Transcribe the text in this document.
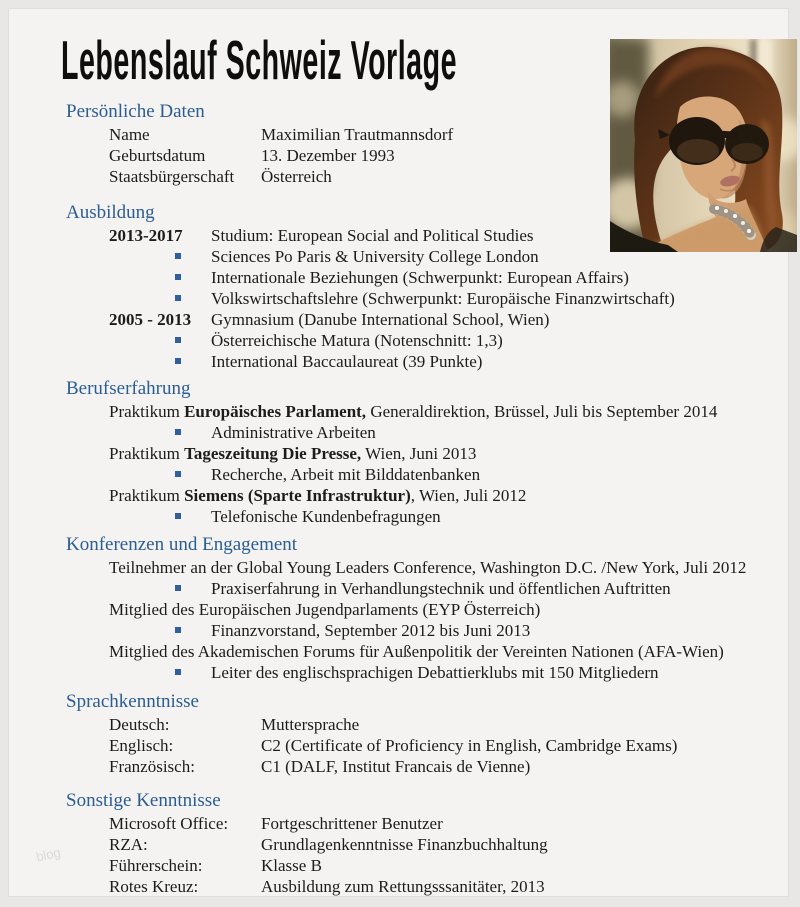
Lebenslauf Schweiz Vorlage
Persönliche Daten
Name	Maximilian Trautmannsdorf
Geburtsdatum	13. Dezember 1993
Staatsbürgerschaft	Österreich
Ausbildung
2013-2017	Studium: European Social and Political Studies
Sciences Po Paris & University College London
Internationale Beziehungen (Schwerpunkt: European Affairs)
Volkswirtschaftslehre (Schwerpunkt: Europäische Finanzwirtschaft)
2005 - 2013	Gymnasium (Danube International School, Wien)
Österreichische Matura (Notenschnitt: 1,3)
International Baccaulaureat (39 Punkte)
Berufserfahrung
Praktikum Europäisches Parlament, Generaldirektion, Brüssel, Juli bis September 2014
Administrative Arbeiten
Praktikum Tageszeitung Die Presse, Wien, Juni 2013
Recherche, Arbeit mit Bilddatenbanken
Praktikum Siemens (Sparte Infrastruktur), Wien, Juli 2012
Telefonische Kundenbefragungen
Konferenzen und Engagement
Teilnehmer an der Global Young Leaders Conference, Washington D.C. /New York, Juli 2012
Praxiserfahrung in Verhandlungstechnik und öffentlichen Auftritten
Mitglied des Europäischen Jugendparlaments (EYP Österreich)
Finanzvorstand, September 2012 bis Juni 2013
Mitglied des Akademischen Forums für Außenpolitik der Vereinten Nationen (AFA-Wien)
Leiter des englischsprachigen Debattierklubs mit 150 Mitgliedern
Sprachkenntnisse
Deutsch:	Muttersprache
Englisch:	C2 (Certificate of Proficiency in English, Cambridge Exams)
Französisch:	C1 (DALF, Institut Francais de Vienne)
Sonstige Kenntnisse
Microsoft Office:	Fortgeschrittener Benutzer
RZA:	Grundlagenkenntnisse Finanzbuchhaltung
Führerschein:	Klasse B
Rotes Kreuz:	Ausbildung zum Rettungsssanitäter, 2013
blog
